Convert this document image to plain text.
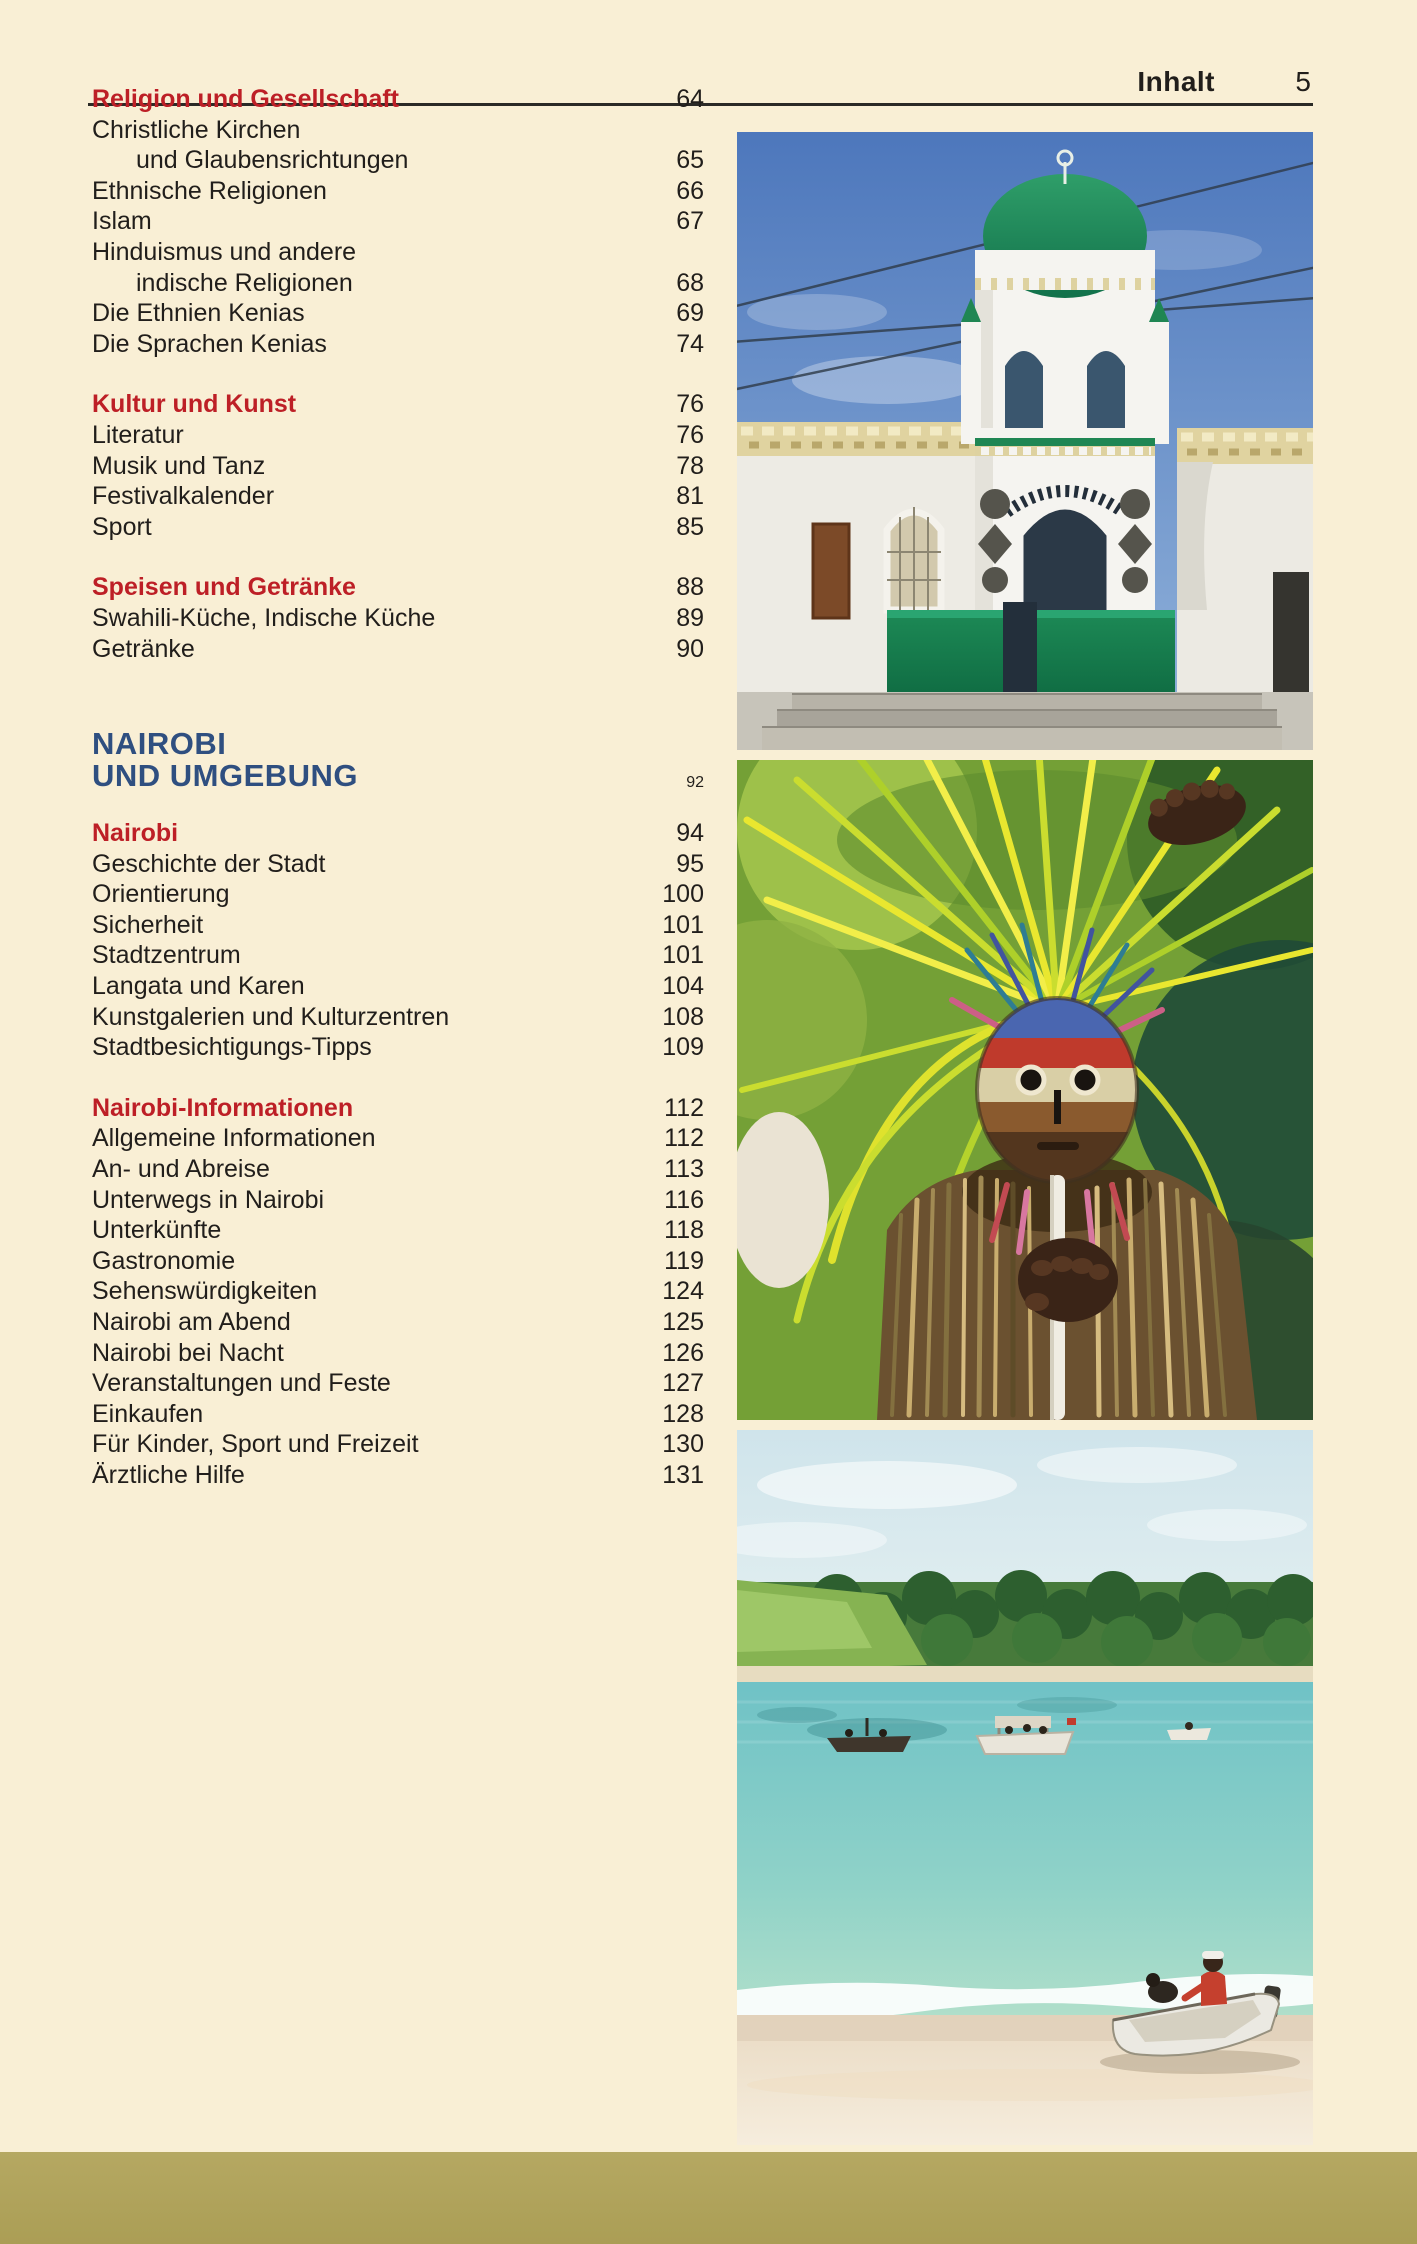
Inhalt	5
Religion und Gesellschaft	64
Christliche Kirchen
und Glaubensrichtungen	65
Ethnische Religionen	66
Islam	67
Hinduismus und andere
indische Religionen	68
Die Ethnien Kenias	69
Die Sprachen Kenias	74
Kultur und Kunst	76
Literatur	76
Musik und Tanz	78
Festivalkalender	81
Sport	85
Speisen und Getränke	88
Swahili-Küche, Indische Küche	89
Getränke	90
NAIROBI
UND UMGEBUNG	92
Nairobi	94
Geschichte der Stadt	95
Orientierung	100
Sicherheit	101
Stadtzentrum	101
Langata und Karen	104
Kunstgalerien und Kulturzentren	108
Stadtbesichtigungs-Tipps	109
Nairobi-Informationen	112
Allgemeine Informationen	112
An- und Abreise	113
Unterwegs in Nairobi	116
Unterkünfte	118
Gastronomie	119
Sehenswürdigkeiten	124
Nairobi am Abend	125
Nairobi bei Nacht	126
Veranstaltungen und Feste	127
Einkaufen	128
Für Kinder, Sport und Freizeit	130
Ärztliche Hilfe	131
